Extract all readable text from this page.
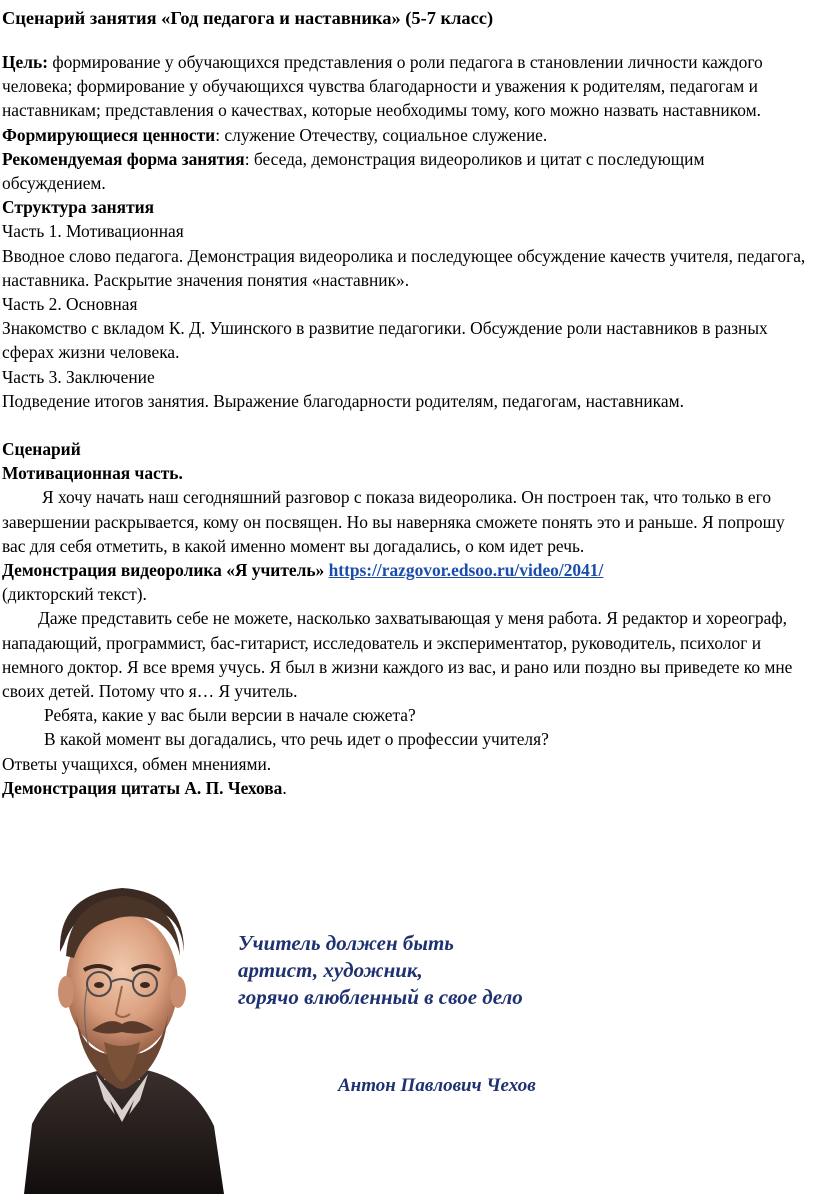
Сценарий занятия «Год педагога и наставника» (5-7 класс)

Цель: формирование у обучающихся представления о роли педагога в становлении личности каждого человека; формирование у обучающихся чувства благодарности и уважения к родителям, педагогам и наставникам; представления о качествах, которые необходимы тому, кого можно назвать наставником.

Формирующиеся ценности: служение Отечеству, социальное служение.

Рекомендуемая форма занятия: беседа, демонстрация видеороликов и цитат с последующим обсуждением.

Структура занятия

Часть 1. Мотивационная

Вводное слово педагога. Демонстрация видеоролика и последующее обсуждение качеств учителя, педагога, наставника. Раскрытие значения понятия «наставник».

Часть 2. Основная

Знакомство с вкладом К. Д. Ушинского в развитие педагогики. Обсуждение роли наставников в разных сферах жизни человека.

Часть 3. Заключение

Подведение итогов занятия. Выражение благодарности родителям, педагогам, наставникам.

Сценарий

Мотивационная часть.

Я хочу начать наш сегодняшний разговор с показа видеоролика. Он построен так, что только в его завершении раскрывается, кому он посвящен. Но вы наверняка сможете понять это и раньше. Я попрошу вас для себя отметить, в какой именно момент вы догадались, о ком идет речь.

Демонстрация видеоролика «Я учитель» https://razgovor.edsoo.ru/video/2041/

(дикторский текст).

Даже представить себе не можете, насколько захватывающая у меня работа. Я редактор и хореограф, нападающий, программист, бас-гитарист, исследователь и экспериментатор, руководитель, психолог и немного доктор. Я все время учусь. Я был в жизни каждого из вас, и рано или поздно вы приведете ко мне своих детей. Потому что я… Я учитель.

Ребята, какие у вас были версии в начале сюжета?

В какой момент вы догадались, что речь идет о профессии учителя?

Ответы учащихся, обмен мнениями.

Демонстрация цитаты А. П. Чехова.

Учитель должен быть
артист, художник,
горячо влюбленный в свое дело

Антон Павлович Чехов
